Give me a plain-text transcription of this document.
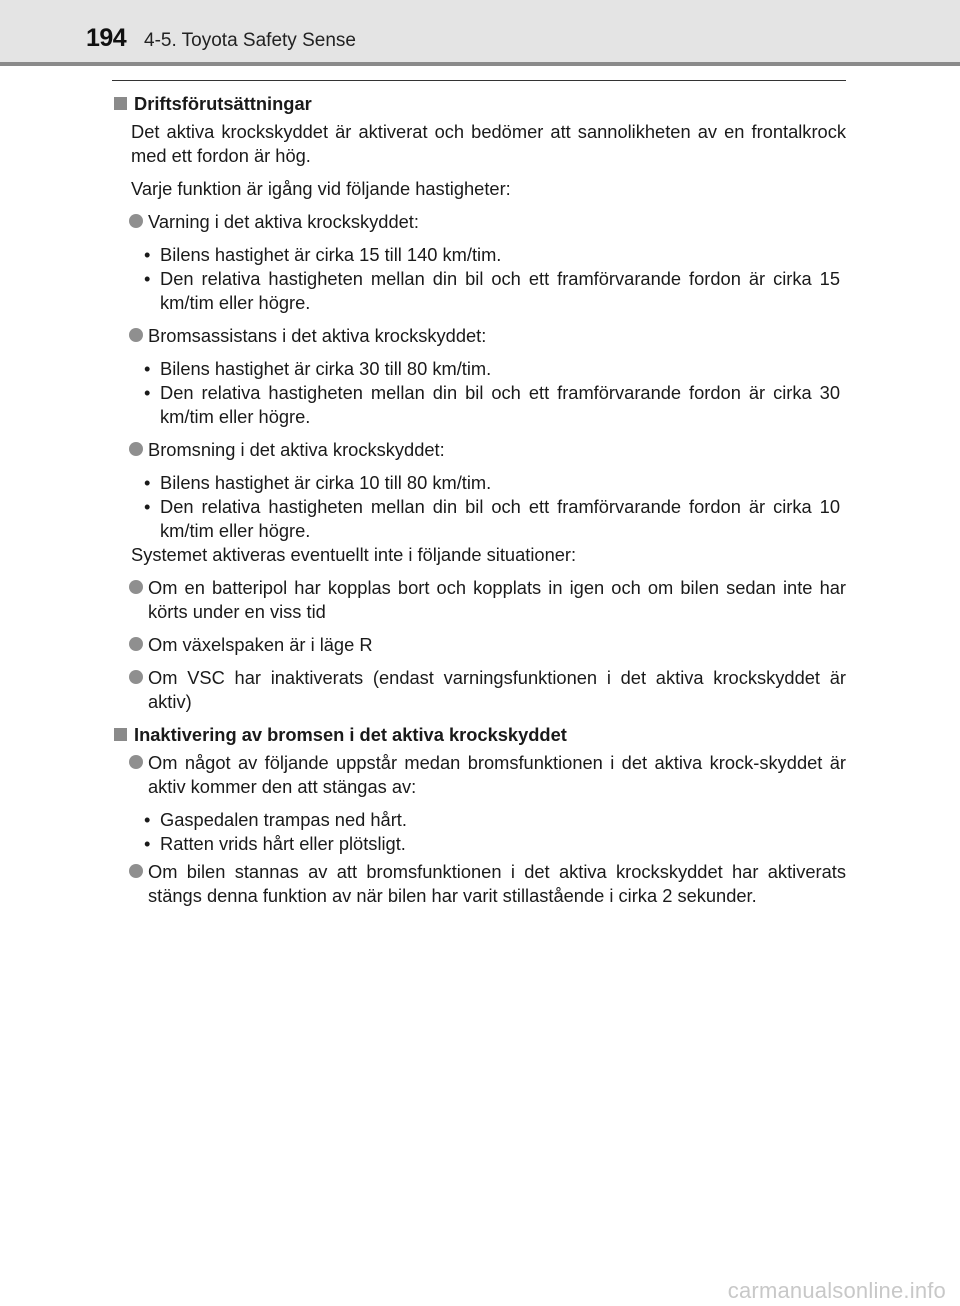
194 4-5. Toyota Safety Sense
Driftsförutsättningar

Det aktiva krockskyddet är aktiverat och bedömer att sannolikheten av en frontalkrock med ett fordon är hög.

Varje funktion är igång vid följande hastigheter:

Varning i det aktiva krockskyddet:
• Bilens hastighet är cirka 15 till 140 km/tim.
• Den relativa hastigheten mellan din bil och ett framförvarande fordon är cirka 15 km/tim eller högre.
Bromsassistans i det aktiva krockskyddet:
• Bilens hastighet är cirka 30 till 80 km/tim.
• Den relativa hastigheten mellan din bil och ett framförvarande fordon är cirka 30 km/tim eller högre.
Bromsning i det aktiva krockskyddet:
• Bilens hastighet är cirka 10 till 80 km/tim.
• Den relativa hastigheten mellan din bil och ett framförvarande fordon är cirka 10 km/tim eller högre.

Systemet aktiveras eventuellt inte i följande situationer:

Om en batteripol har kopplas bort och kopplats in igen och om bilen sedan inte har körts under en viss tid
Om växelspaken är i läge R
Om VSC har inaktiverats (endast varningsfunktionen i det aktiva krockskyddet är aktiv)
Inaktivering av bromsen i det aktiva krockskyddet
Om något av följande uppstår medan bromsfunktionen i det aktiva krock-skyddet är aktiv kommer den att stängas av:
• Gaspedalen trampas ned hårt.
• Ratten vrids hårt eller plötsligt.
Om bilen stannas av att bromsfunktionen i det aktiva krockskyddet har aktiverats stängs denna funktion av när bilen har varit stillastående i cirka 2 sekunder.
carmanualsonline.info
